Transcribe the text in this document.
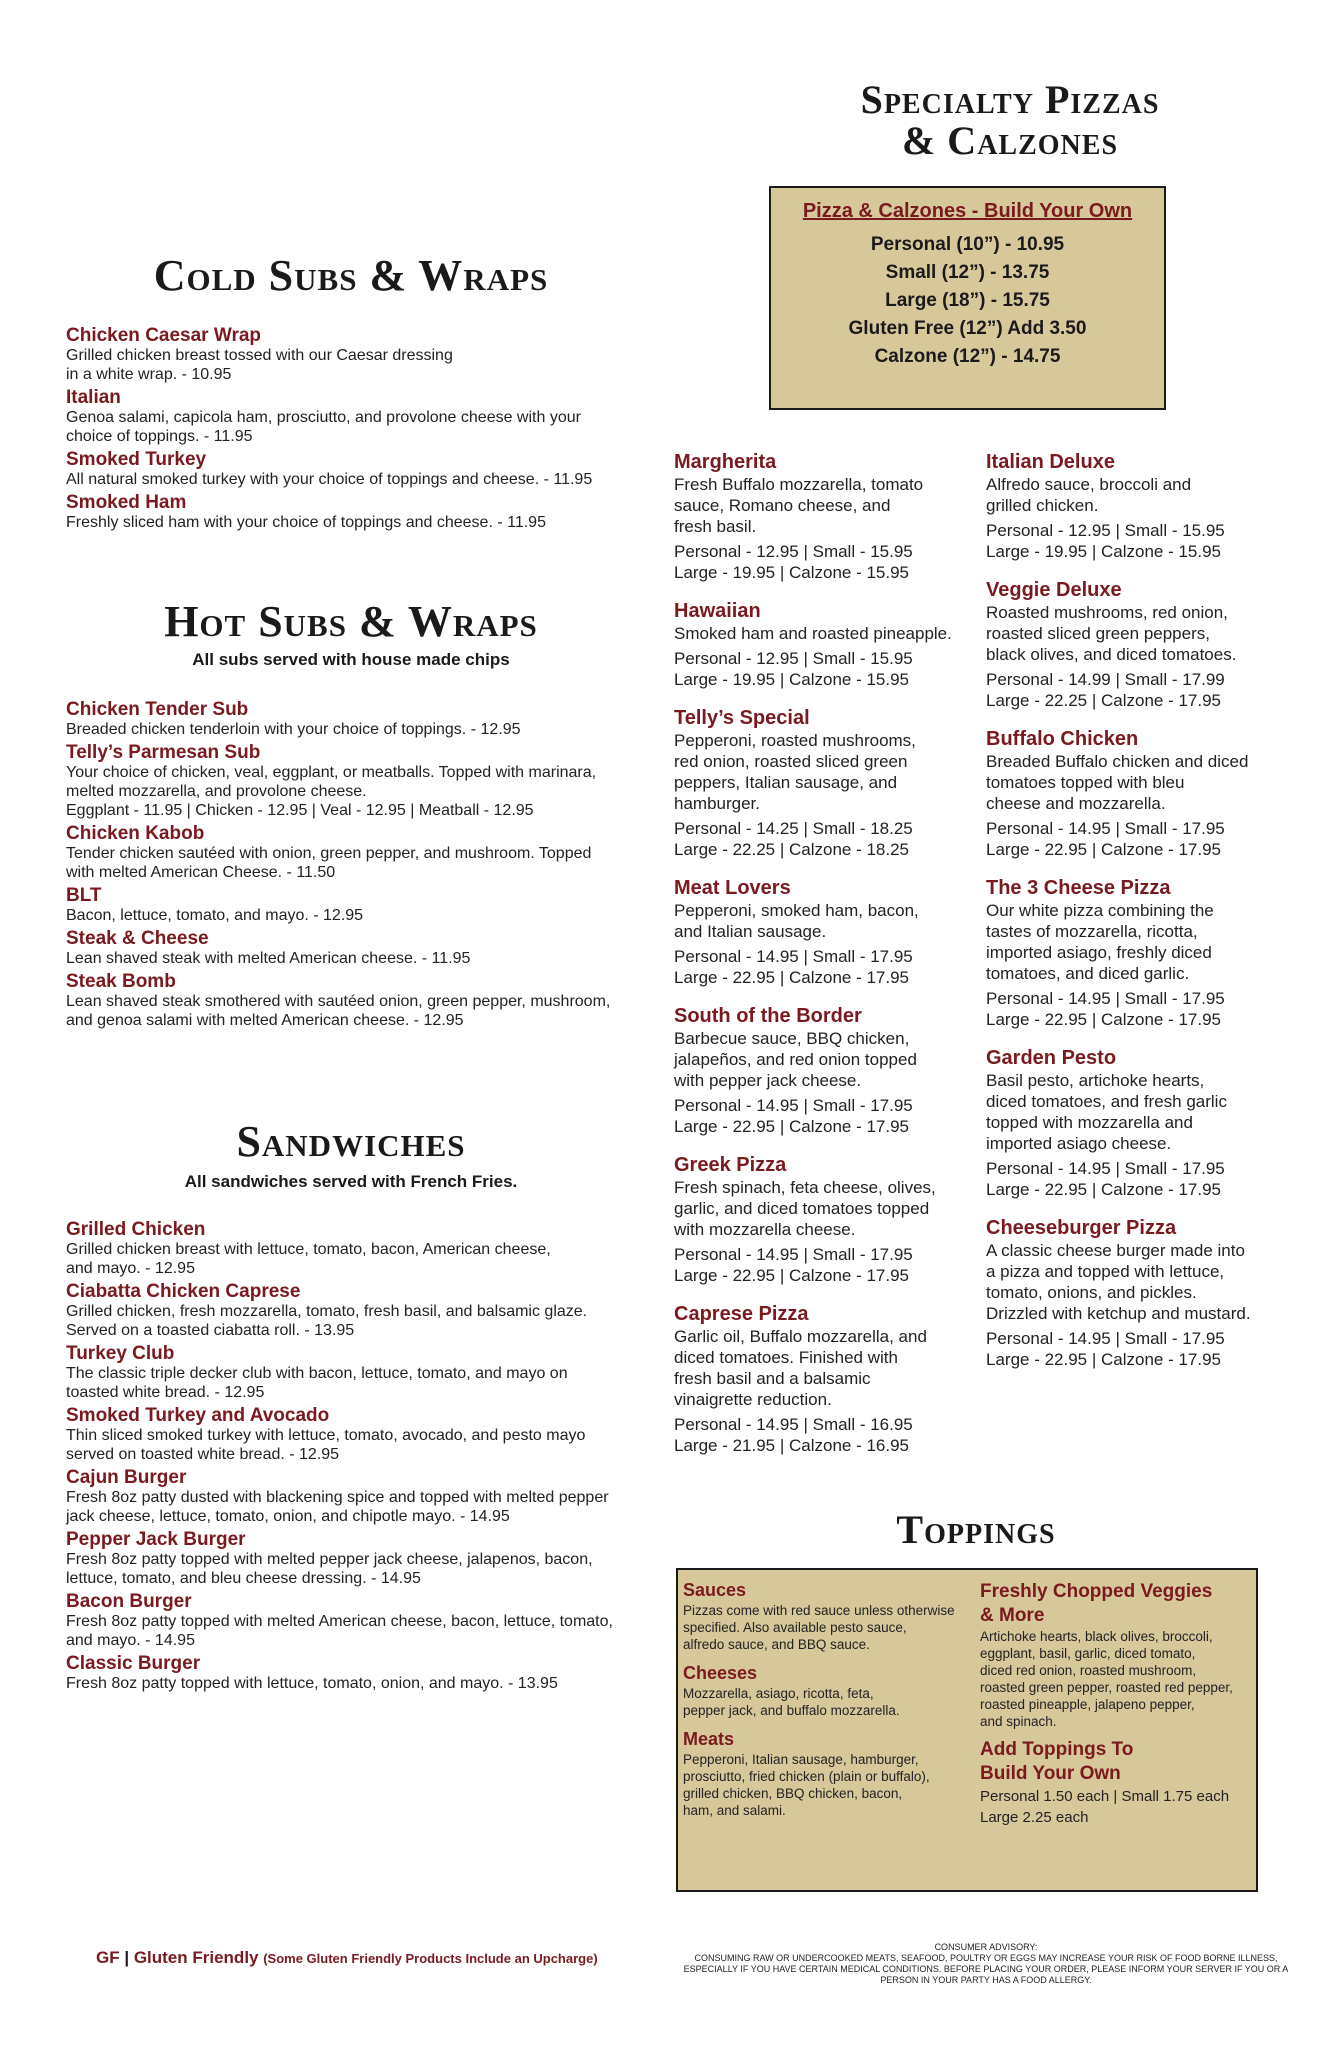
Specialty Pizzas
& Calzones
Pizza & Calzones - Build Your Own
Personal (10”) - 10.95
Small (12”) - 13.75
Large (18”) - 15.75
Gluten Free (12”) Add 3.50
Calzone (12”) - 14.75
Cold Subs & Wraps
Chicken Caesar Wrap
Grilled chicken breast tossed with our Caesar dressing
in a white wrap. - 10.95
Italian
Genoa salami, capicola ham, prosciutto, and provolone cheese with your
choice of toppings. - 11.95
Smoked Turkey
All natural smoked turkey with your choice of toppings and cheese. - 11.95
Smoked Ham
Freshly sliced ham with your choice of toppings and cheese. - 11.95
Hot Subs & Wraps
All subs served with house made chips
Chicken Tender Sub
Breaded chicken tenderloin with your choice of toppings. - 12.95
Telly’s Parmesan Sub
Your choice of chicken, veal, eggplant, or meatballs. Topped with marinara,
melted mozzarella, and provolone cheese.
Eggplant - 11.95 | Chicken - 12.95 | Veal - 12.95 | Meatball - 12.95
Chicken Kabob
Tender chicken sautéed with onion, green pepper, and mushroom. Topped
with melted American Cheese. - 11.50
BLT
Bacon, lettuce, tomato, and mayo. - 12.95
Steak & Cheese
Lean shaved steak with melted American cheese. - 11.95
Steak Bomb
Lean shaved steak smothered with sautéed onion, green pepper, mushroom,
and genoa salami with melted American cheese. - 12.95
Sandwiches
All sandwiches served with French Fries.
Grilled Chicken
Grilled chicken breast with lettuce, tomato, bacon, American cheese,
and mayo. - 12.95
Ciabatta Chicken Caprese
Grilled chicken, fresh mozzarella, tomato, fresh basil, and balsamic glaze.
Served on a toasted ciabatta roll. - 13.95
Turkey Club
The classic triple decker club with bacon, lettuce, tomato, and mayo on
toasted white bread. - 12.95
Smoked Turkey and Avocado
Thin sliced smoked turkey with lettuce, tomato, avocado, and pesto mayo
served on toasted white bread. - 12.95
Cajun Burger
Fresh 8oz patty dusted with blackening spice and topped with melted pepper
jack cheese, lettuce, tomato, onion, and chipotle mayo. - 14.95
Pepper Jack Burger
Fresh 8oz patty topped with melted pepper jack cheese, jalapenos, bacon,
lettuce, tomato, and bleu cheese dressing. - 14.95
Bacon Burger
Fresh 8oz patty topped with melted American cheese, bacon, lettuce, tomato,
and mayo. - 14.95
Classic Burger
Fresh 8oz patty topped with lettuce, tomato, onion, and mayo. - 13.95
Margherita
Fresh Buffalo mozzarella, tomato
sauce, Romano cheese, and
fresh basil.
Personal - 12.95 | Small - 15.95
Large - 19.95 | Calzone - 15.95
Hawaiian
Smoked ham and roasted pineapple.
Personal - 12.95 | Small - 15.95
Large - 19.95 | Calzone - 15.95
Telly’s Special
Pepperoni, roasted mushrooms,
red onion, roasted sliced green
peppers, Italian sausage, and
hamburger.
Personal - 14.25 | Small - 18.25
Large - 22.25 | Calzone - 18.25
Meat Lovers
Pepperoni, smoked ham, bacon,
and Italian sausage.
Personal - 14.95 | Small - 17.95
Large - 22.95 | Calzone - 17.95
South of the Border
Barbecue sauce, BBQ chicken,
jalapeños, and red onion topped
with pepper jack cheese.
Personal - 14.95 | Small - 17.95
Large - 22.95 | Calzone - 17.95
Greek Pizza
Fresh spinach, feta cheese, olives,
garlic, and diced tomatoes topped
with mozzarella cheese.
Personal - 14.95 | Small - 17.95
Large - 22.95 | Calzone - 17.95
Caprese Pizza
Garlic oil, Buffalo mozzarella, and
diced tomatoes. Finished with
fresh basil and a balsamic
vinaigrette reduction.
Personal - 14.95 | Small - 16.95
Large - 21.95 | Calzone - 16.95
Italian Deluxe
Alfredo sauce, broccoli and
grilled chicken.
Personal - 12.95 | Small - 15.95
Large - 19.95 | Calzone - 15.95
Veggie Deluxe
Roasted mushrooms, red onion,
roasted sliced green peppers,
black olives, and diced tomatoes.
Personal - 14.99 | Small - 17.99
Large - 22.25 | Calzone - 17.95
Buffalo Chicken
Breaded Buffalo chicken and diced
tomatoes topped with bleu
cheese and mozzarella.
Personal - 14.95 | Small - 17.95
Large - 22.95 | Calzone - 17.95
The 3 Cheese Pizza
Our white pizza combining the
tastes of mozzarella, ricotta,
imported asiago, freshly diced
tomatoes, and diced garlic.
Personal - 14.95 | Small - 17.95
Large - 22.95 | Calzone - 17.95
Garden Pesto
Basil pesto, artichoke hearts,
diced tomatoes, and fresh garlic
topped with mozzarella and
imported asiago cheese.
Personal - 14.95 | Small - 17.95
Large - 22.95 | Calzone - 17.95
Cheeseburger Pizza
A classic cheese burger made into
a pizza and topped with lettuce,
tomato, onions, and pickles.
Drizzled with ketchup and mustard.
Personal - 14.95 | Small - 17.95
Large - 22.95 | Calzone - 17.95
Toppings
Sauces
Pizzas come with red sauce unless otherwise
specified. Also available pesto sauce,
alfredo sauce, and BBQ sauce.
Cheeses
Mozzarella, asiago, ricotta, feta,
pepper jack, and buffalo mozzarella.
Meats
Pepperoni, Italian sausage, hamburger,
prosciutto, fried chicken (plain or buffalo),
grilled chicken, BBQ chicken, bacon,
ham, and salami.
Freshly Chopped Veggies
& More
Artichoke hearts, black olives, broccoli,
eggplant, basil, garlic, diced tomato,
diced red onion, roasted mushroom,
roasted green pepper, roasted red pepper,
roasted pineapple, jalapeno pepper,
and spinach.
Add Toppings To
Build Your Own
Personal 1.50 each | Small 1.75 each
Large 2.25 each
GF | Gluten Friendly (Some Gluten Friendly Products Include an Upcharge)
CONSUMER ADVISORY:
CONSUMING RAW OR UNDERCOOKED MEATS, SEAFOOD, POULTRY OR EGGS MAY INCREASE YOUR RISK OF FOOD BORNE ILLNESS, ESPECIALLY IF YOU HAVE CERTAIN MEDICAL CONDITIONS. BEFORE PLACING YOUR ORDER, PLEASE INFORM YOUR SERVER IF YOU OR A PERSON IN YOUR PARTY HAS A FOOD ALLERGY.
